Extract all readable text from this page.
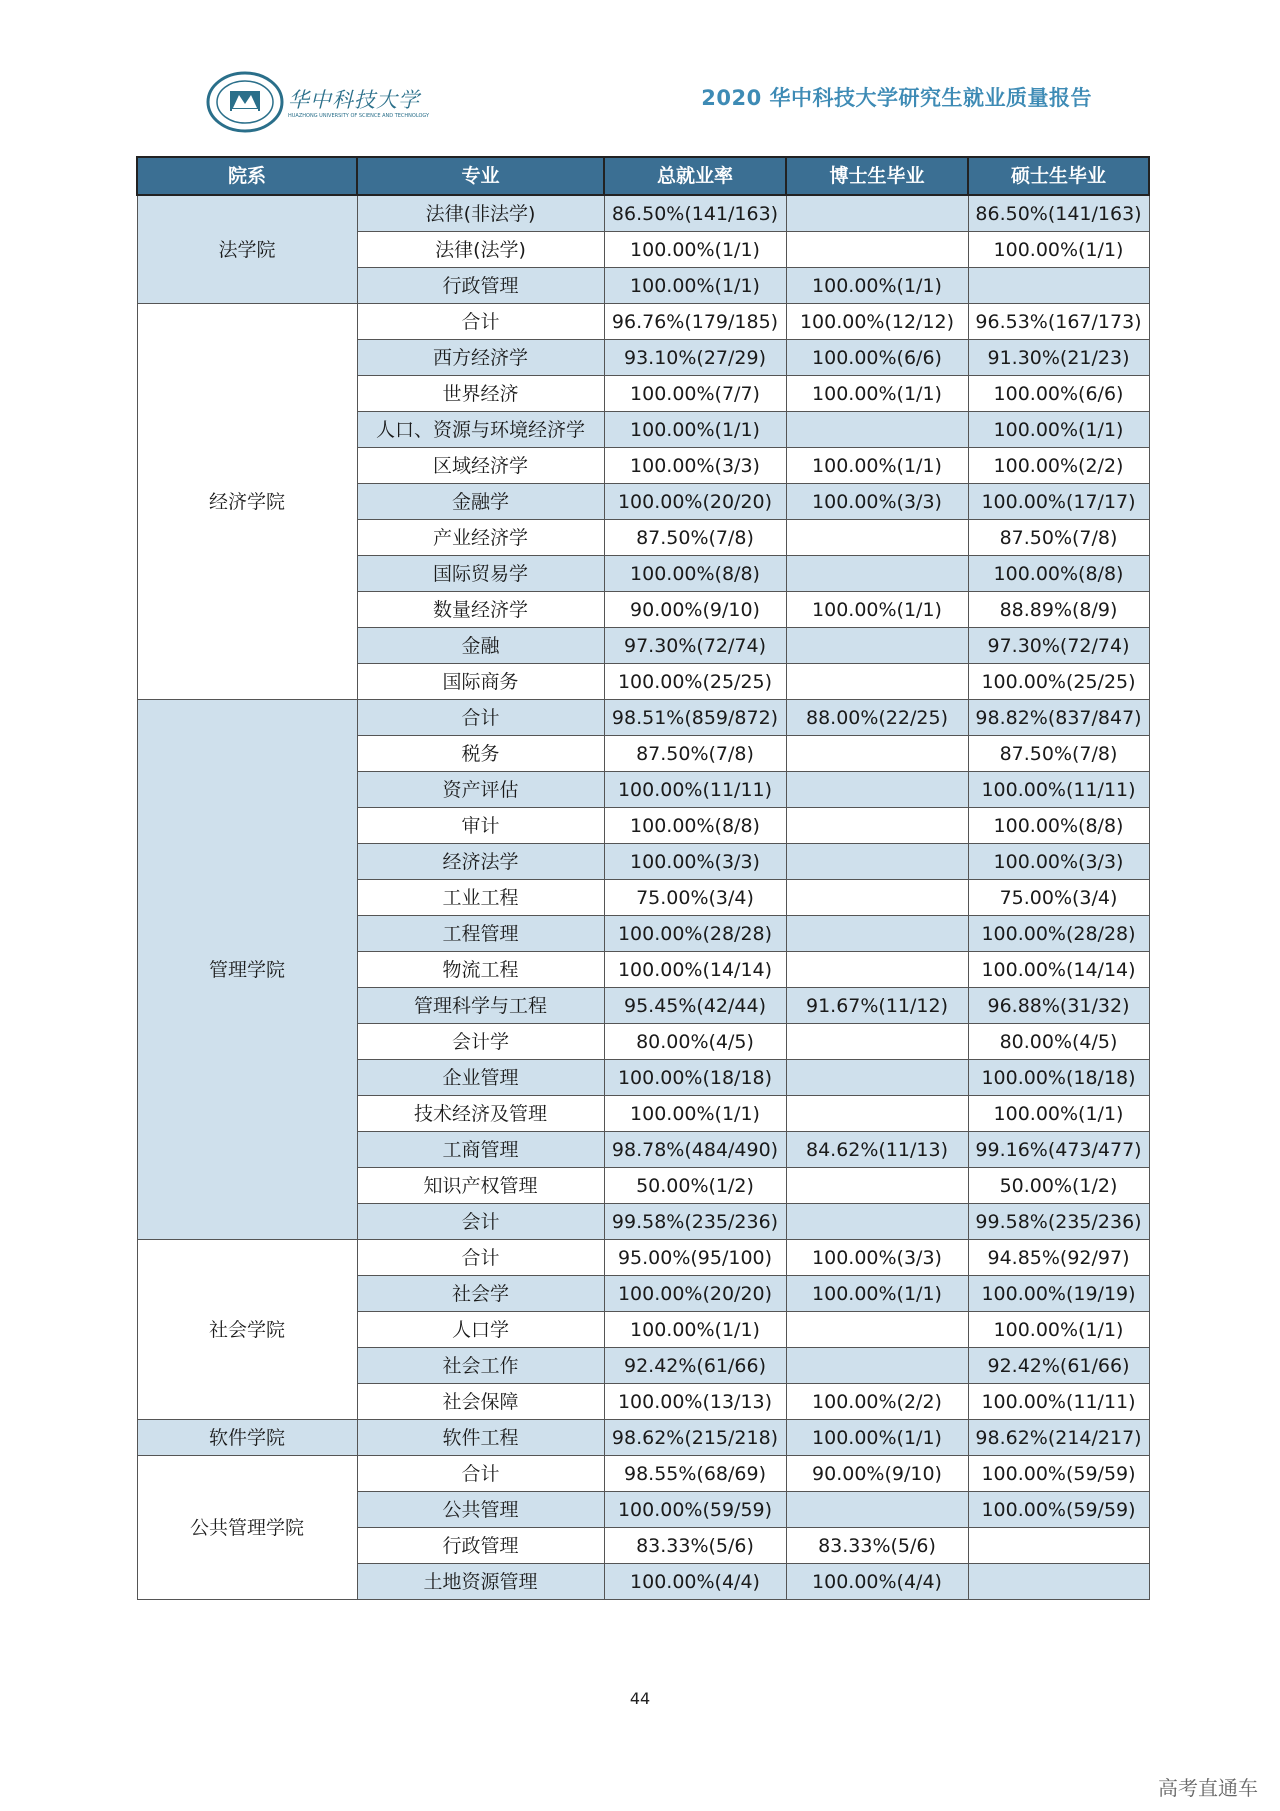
华中科技大学
HUAZHONG UNIVERSITY OF SCIENCE AND TECHNOLOGY
2020 华中科技大学研究生就业质量报告
院系	专业	总就业率	博士生毕业	硕士生毕业
法学院	法律(非法学)	86.50%(141/163)		86.50%(141/163)
	法律(法学)	100.00%(1/1)		100.00%(1/1)
	行政管理	100.00%(1/1)	100.00%(1/1)	
经济学院	合计	96.76%(179/185)	100.00%(12/12)	96.53%(167/173)
	西方经济学	93.10%(27/29)	100.00%(6/6)	91.30%(21/23)
	世界经济	100.00%(7/7)	100.00%(1/1)	100.00%(6/6)
	人口、资源与环境经济学	100.00%(1/1)		100.00%(1/1)
	区域经济学	100.00%(3/3)	100.00%(1/1)	100.00%(2/2)
	金融学	100.00%(20/20)	100.00%(3/3)	100.00%(17/17)
	产业经济学	87.50%(7/8)		87.50%(7/8)
	国际贸易学	100.00%(8/8)		100.00%(8/8)
	数量经济学	90.00%(9/10)	100.00%(1/1)	88.89%(8/9)
	金融	97.30%(72/74)		97.30%(72/74)
	国际商务	100.00%(25/25)		100.00%(25/25)
管理学院	合计	98.51%(859/872)	88.00%(22/25)	98.82%(837/847)
	税务	87.50%(7/8)		87.50%(7/8)
	资产评估	100.00%(11/11)		100.00%(11/11)
	审计	100.00%(8/8)		100.00%(8/8)
	经济法学	100.00%(3/3)		100.00%(3/3)
	工业工程	75.00%(3/4)		75.00%(3/4)
	工程管理	100.00%(28/28)		100.00%(28/28)
	物流工程	100.00%(14/14)		100.00%(14/14)
	管理科学与工程	95.45%(42/44)	91.67%(11/12)	96.88%(31/32)
	会计学	80.00%(4/5)		80.00%(4/5)
	企业管理	100.00%(18/18)		100.00%(18/18)
	技术经济及管理	100.00%(1/1)		100.00%(1/1)
	工商管理	98.78%(484/490)	84.62%(11/13)	99.16%(473/477)
	知识产权管理	50.00%(1/2)		50.00%(1/2)
	会计	99.58%(235/236)		99.58%(235/236)
社会学院	合计	95.00%(95/100)	100.00%(3/3)	94.85%(92/97)
	社会学	100.00%(20/20)	100.00%(1/1)	100.00%(19/19)
	人口学	100.00%(1/1)		100.00%(1/1)
	社会工作	92.42%(61/66)		92.42%(61/66)
	社会保障	100.00%(13/13)	100.00%(2/2)	100.00%(11/11)
软件学院	软件工程	98.62%(215/218)	100.00%(1/1)	98.62%(214/217)
公共管理学院	合计	98.55%(68/69)	90.00%(9/10)	100.00%(59/59)
	公共管理	100.00%(59/59)		100.00%(59/59)
	行政管理	83.33%(5/6)	83.33%(5/6)	
	土地资源管理	100.00%(4/4)	100.00%(4/4)	
44
高考直通车
